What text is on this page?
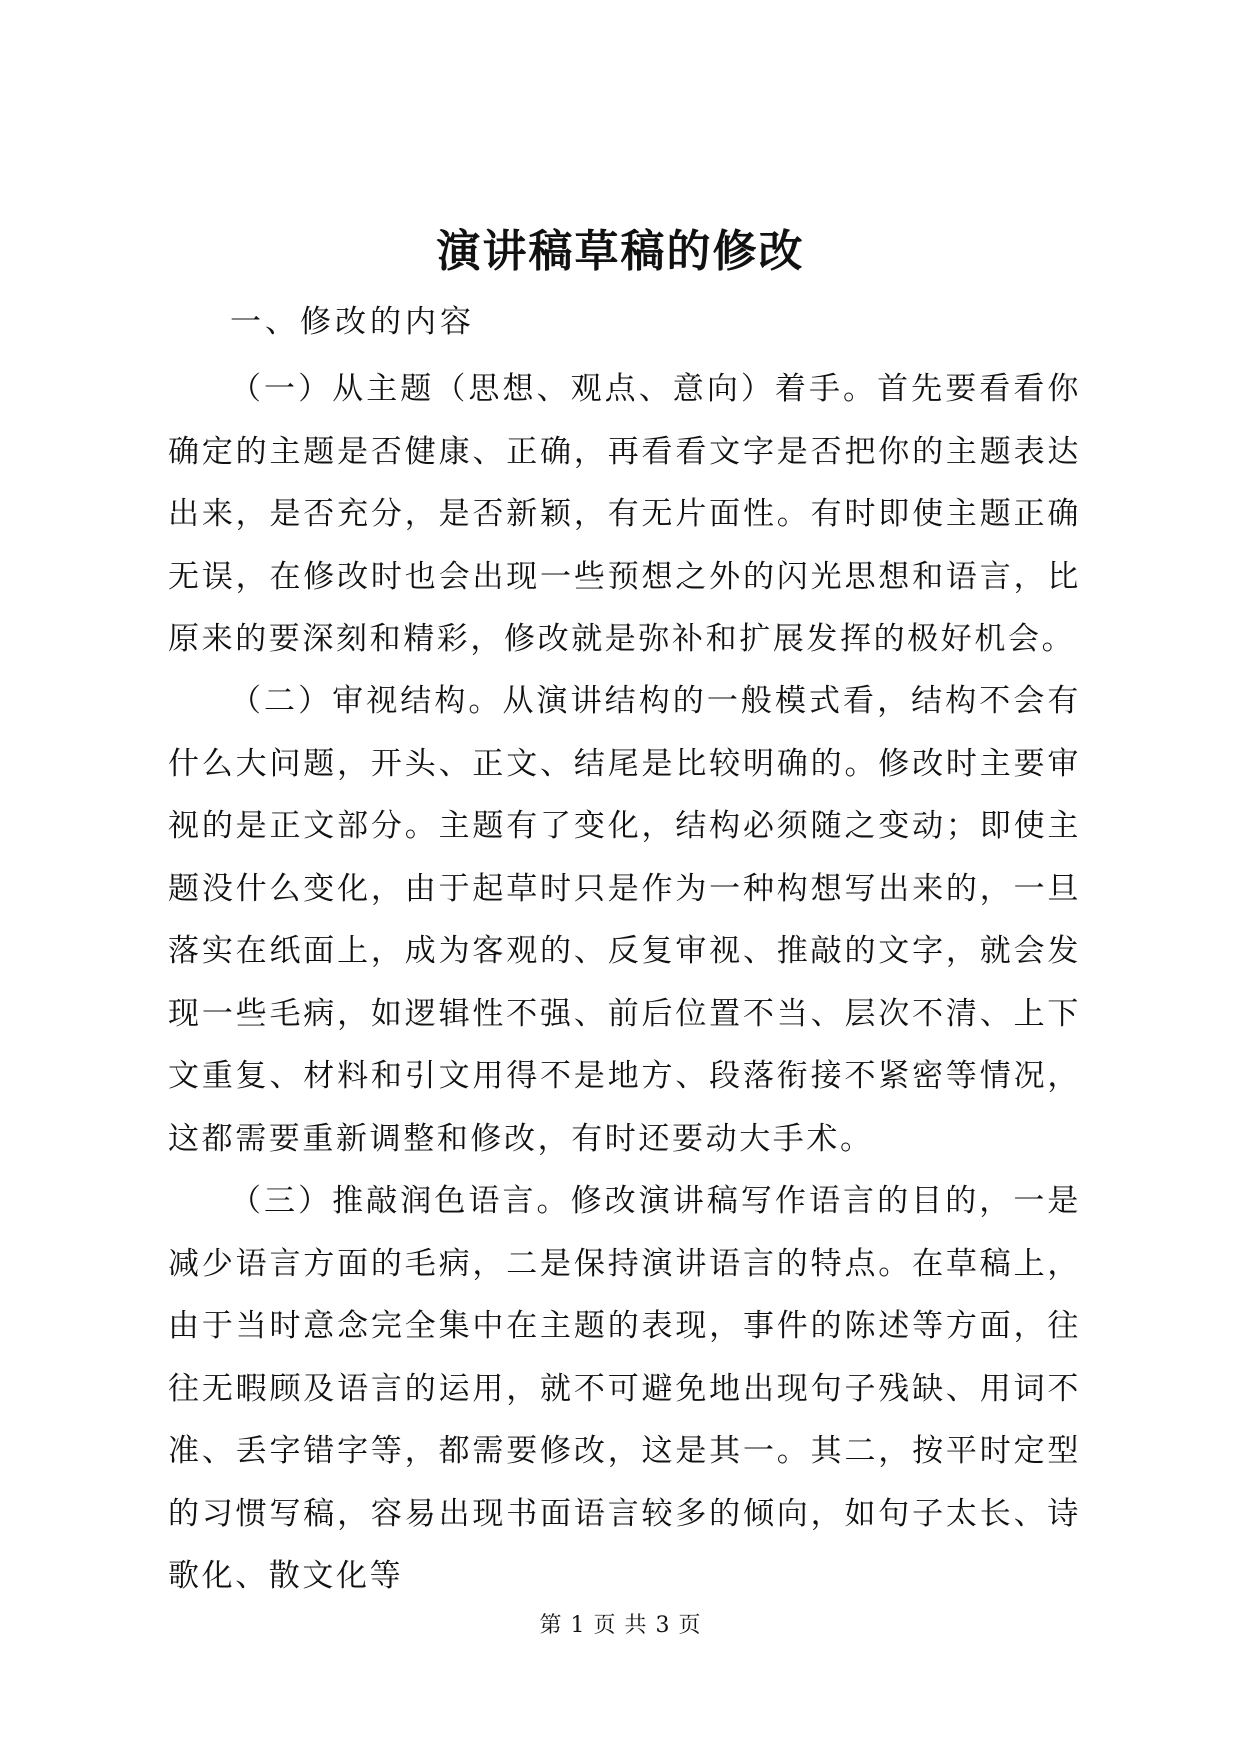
演讲稿草稿的修改
一、修改的内容

（一）从主题（思想、观点、意向）着手。首先要看看你确定的主题是否健康、正确，再看看文字是否把你的主题表达出来，是否充分，是否新颖，有无片面性。有时即使主题正确无误，在修改时也会出现一些预想之外的闪光思想和语言，比原来的要深刻和精彩，修改就是弥补和扩展发挥的极好机会。

（二）审视结构。从演讲结构的一般模式看，结构不会有什么大问题，开头、正文、结尾是比较明确的。修改时主要审视的是正文部分。主题有了变化，结构必须随之变动；即使主题没什么变化，由于起草时只是作为一种构想写出来的，一旦落实在纸面上，成为客观的、反复审视、推敲的文字，就会发现一些毛病，如逻辑性不强、前后位置不当、层次不清、上下文重复、材料和引文用得不是地方、段落衔接不紧密等情况，这都需要重新调整和修改，有时还要动大手术。

（三）推敲润色语言。修改演讲稿写作语言的目的，一是减少语言方面的毛病，二是保持演讲语言的特点。在草稿上，由于当时意念完全集中在主题的表现，事件的陈述等方面，往往无暇顾及语言的运用，就不可避免地出现句子残缺、用词不准、丢字错字等，都需要修改，这是其一。其二，按平时定型的习惯写稿，容易出现书面语言较多的倾向，如句子太长、诗歌化、散文化等

第 1 页 共 3 页
